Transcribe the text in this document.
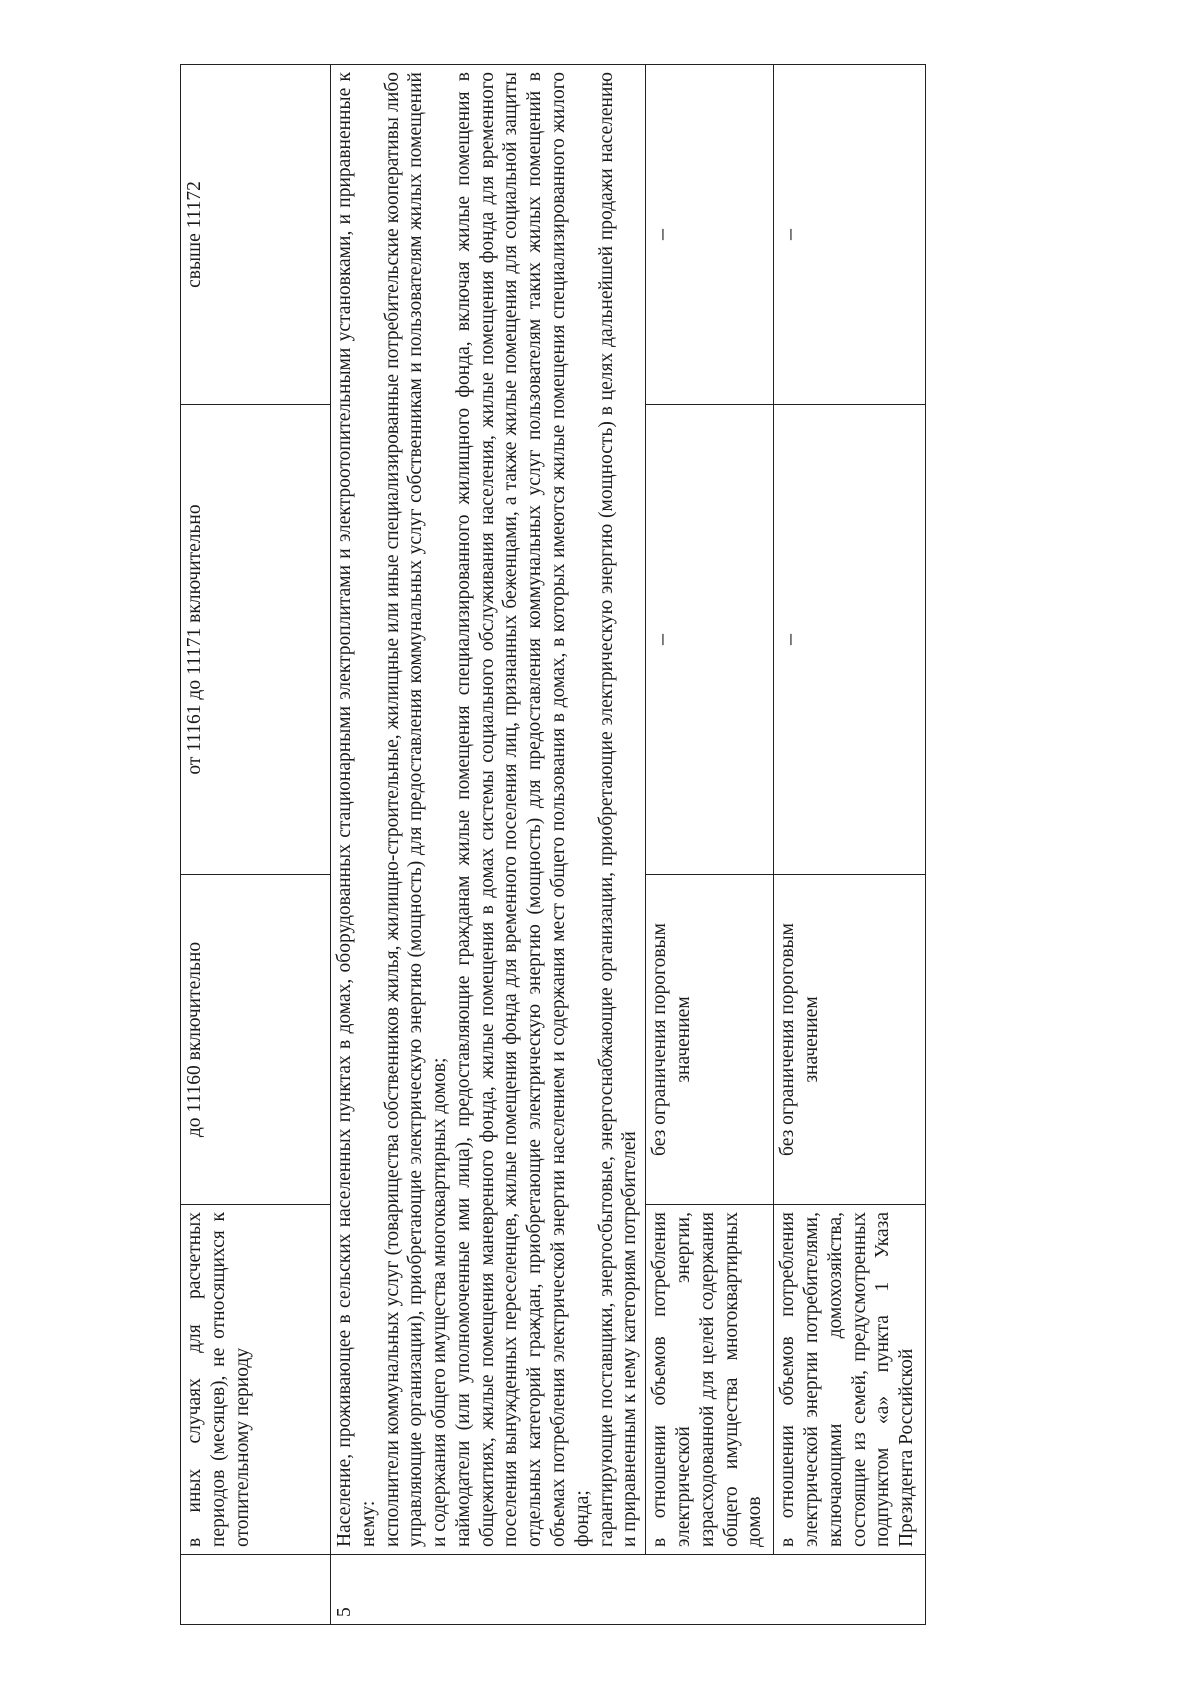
	в иных случаях для расчетных периодов (месяцев), не относящихся к отопительному периоду	до 11160 включительно	от 11161 до 11171 включительно	свыше 11172
5	Население, проживающее в сельских населенных пунктах в домах, оборудованных стационарными электроплитами и электроотопительными установками, и приравненные к нему: исполнители коммунальных услуг (товарищества собственников жилья, жилищно-строительные, жилищные или иные специализированные потребительские кооперативы либо управляющие организации), приобретающие электрическую энергию (мощность) для предоставления коммунальных услуг собственникам и пользователям жилых помещений и содержания общего имущества многоквартирных домов; наймодатели (или уполномоченные ими лица), предоставляющие гражданам жилые помещения специализированного жилищного фонда, включая жилые помещения в общежитиях, жилые помещения маневренного фонда, жилые помещения в домах системы социального обслуживания населения, жилые помещения фонда для временного поселения вынужденных переселенцев, жилые помещения фонда для временного поселения лиц, признанных беженцами, а также жилые помещения для социальной защиты отдельных категорий граждан, приобретающие электрическую энергию (мощность) для предоставления коммунальных услуг пользователям таких жилых помещений в объемах потребления электрической энергии населением и содержания мест общего пользования в домах, в которых имеются жилые помещения специализированного жилого фонда; гарантирующие поставщики, энергосбытовые, энергоснабжающие организации, приобретающие электрическую энергию (мощность) в целях дальнейшей продажи населению и приравненным к нему категориям потребителей			

	в отношении объемов потребления электрической энергии, израсходованной для целей содержания общего имущества многоквартирных домов	без ограничения пороговым значением	–	–
	в отношении объемов потребления электрической энергии потребителями, включающими домохозяйства, состоящие из семей, предусмотренных подпунктом «а» пункта 1 Указа Президента Российской	без ограничения пороговым значением	–	–
